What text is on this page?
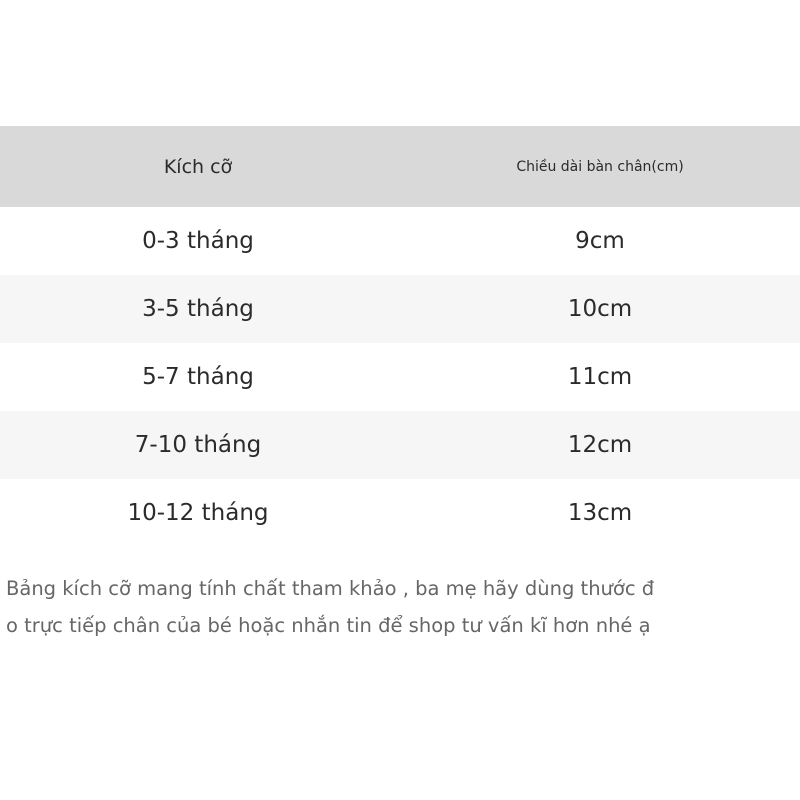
Kích cỡ	Chiều dài bàn chân(cm)
0-3 tháng	9cm
3-5 tháng	10cm
5-7 tháng	11cm
7-10 tháng	12cm
10-12 tháng	13cm
Bảng kích cỡ mang tính chất tham khảo , ba mẹ hãy dùng thước đ
o trực tiếp chân của bé hoặc nhắn tin để shop tư vấn kĩ hơn nhé ạ
